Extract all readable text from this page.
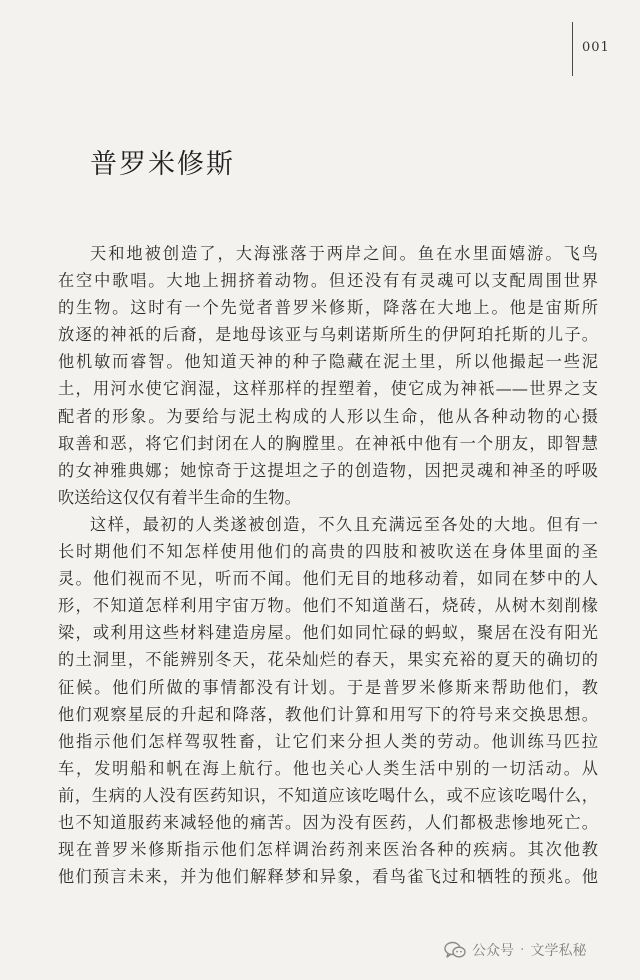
001
普罗米修斯
天和地被创造了，大海涨落于两岸之间。鱼在水里面嬉游。飞鸟
在空中歌唱。大地上拥挤着动物。但还没有有灵魂可以支配周围世界
的生物。这时有一个先觉者普罗米修斯，降落在大地上。他是宙斯所
放逐的神祇的后裔，是地母该亚与乌剌诺斯所生的伊阿珀托斯的儿子。
他机敏而睿智。他知道天神的种子隐藏在泥土里，所以他撮起一些泥
土，用河水使它润湿，这样那样的捏塑着，使它成为神祇——世界之支
配者的形象。为要给与泥土构成的人形以生命，他从各种动物的心摄
取善和恶，将它们封闭在人的胸膛里。在神祇中他有一个朋友，即智慧
的女神雅典娜；她惊奇于这提坦之子的创造物，因把灵魂和神圣的呼吸
吹送给这仅仅有着半生命的生物。
这样，最初的人类遂被创造，不久且充满远至各处的大地。但有一
长时期他们不知怎样使用他们的高贵的四肢和被吹送在身体里面的圣
灵。他们视而不见，听而不闻。他们无目的地移动着，如同在梦中的人
形，不知道怎样利用宇宙万物。他们不知道凿石，烧砖，从树木刻削椽
梁，或利用这些材料建造房屋。他们如同忙碌的蚂蚁，聚居在没有阳光
的土洞里，不能辨别冬天，花朵灿烂的春天，果实充裕的夏天的确切的
征候。他们所做的事情都没有计划。于是普罗米修斯来帮助他们，教
他们观察星辰的升起和降落，教他们计算和用写下的符号来交换思想。
他指示他们怎样驾驭牲畜，让它们来分担人类的劳动。他训练马匹拉
车，发明船和帆在海上航行。他也关心人类生活中别的一切活动。从
前，生病的人没有医药知识，不知道应该吃喝什么，或不应该吃喝什么，
也不知道服药来减轻他的痛苦。因为没有医药，人们都极悲惨地死亡。
现在普罗米修斯指示他们怎样调治药剂来医治各种的疾病。其次他教
他们预言未来，并为他们解释梦和异象，看鸟雀飞过和牺牲的预兆。他
公众号 · 文学私秘
